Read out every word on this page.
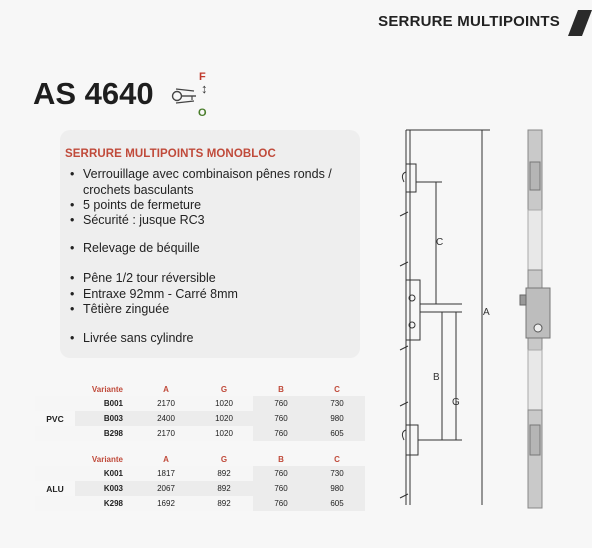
SERRURE MULTIPOINTS
AS 4640	F
↕
O
SERRURE MULTIPOINTS MONOBLOC
• Verrouillage avec combinaison pênes ronds /
crochets basculants
• 5 points de fermeture
• Sécurité : jusque RC3
• Relevage de béquille
• Pêne 1/2 tour réversible
• Entraxe 92mm - Carré 8mm
• Têtière zinguée
• Livrée sans cylindre
	Variante	A	G	B	C
	B001	2170	1020	760	730
PVC	B003	2400	1020	760	980
	B298	2170	1020	760	605
	Variante	A	G	B	C
	K001	1817	892	760	730
ALU	K003	2067	892	760	980
	K298	1692	892	760	605
A
C
B
G
